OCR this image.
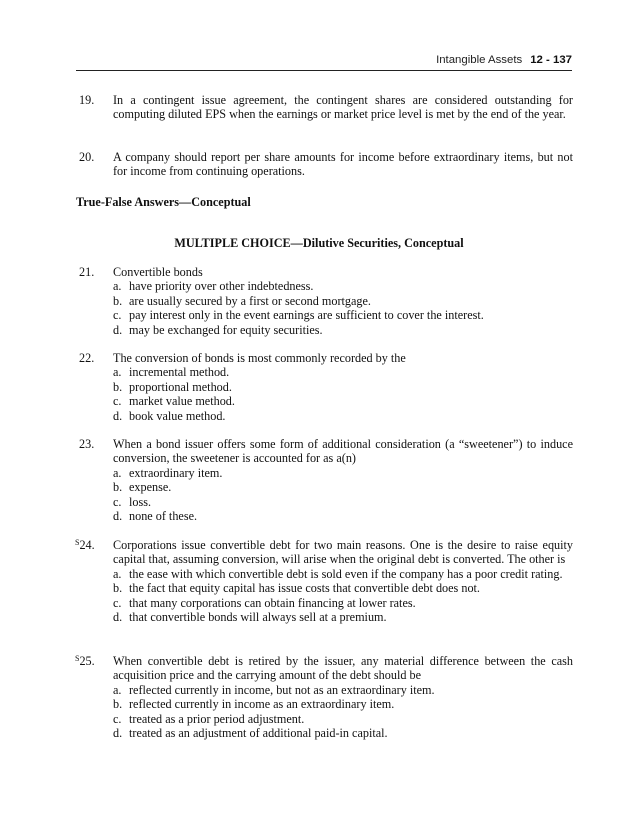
Intangible Assets 12 - 137
19. In a contingent issue agreement, the contingent shares are considered outstanding for computing diluted EPS when the earnings or market price level is met by the end of the year.
20. A company should report per share amounts for income before extraordinary items, but not for income from continuing operations.
True-False Answers—Conceptual
MULTIPLE CHOICE—Dilutive Securities, Conceptual
21. Convertible bonds
a. have priority over other indebtedness.
b. are usually secured by a first or second mortgage.
c. pay interest only in the event earnings are sufficient to cover the interest.
d. may be exchanged for equity securities.
22. The conversion of bonds is most commonly recorded by the
a. incremental method.
b. proportional method.
c. market value method.
d. book value method.
23. When a bond issuer offers some form of additional consideration (a “sweetener”) to induce conversion, the sweetener is accounted for as a(n)
a. extraordinary item.
b. expense.
c. loss.
d. none of these.
$^S$24. Corporations issue convertible debt for two main reasons. One is the desire to raise equity capital that, assuming conversion, will arise when the original debt is converted. The other is
a. the ease with which convertible debt is sold even if the company has a poor credit rating.
b. the fact that equity capital has issue costs that convertible debt does not.
c. that many corporations can obtain financing at lower rates.
d. that convertible bonds will always sell at a premium.
$^S$25. When convertible debt is retired by the issuer, any material difference between the cash acquisition price and the carrying amount of the debt should be
a. reflected currently in income, but not as an extraordinary item.
b. reflected currently in income as an extraordinary item.
c. treated as a prior period adjustment.
d. treated as an adjustment of additional paid-in capital.
